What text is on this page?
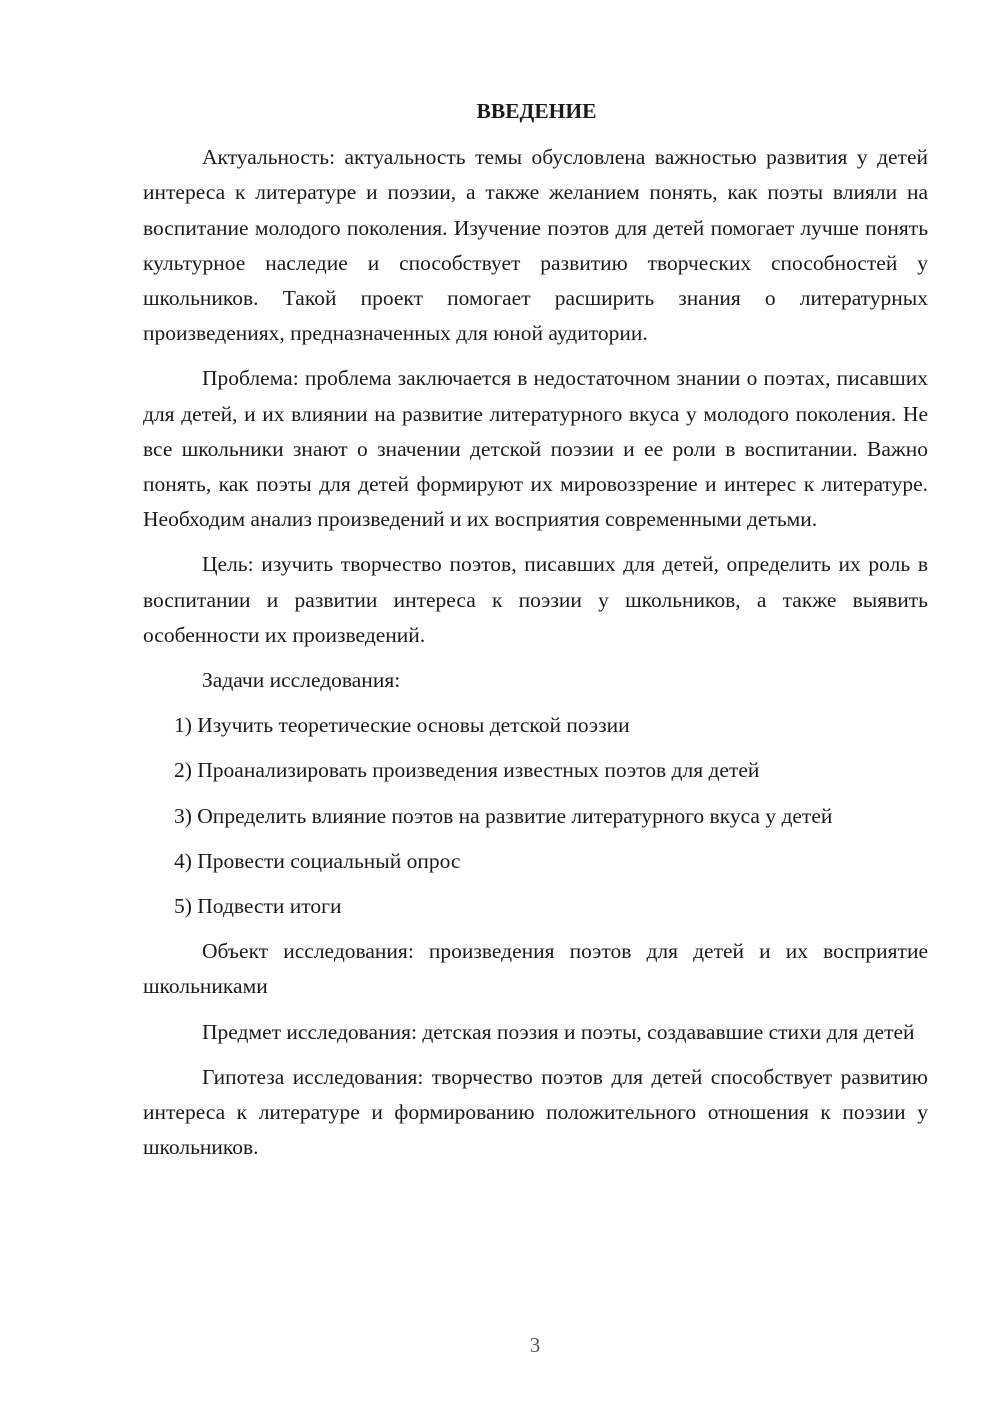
ВВЕДЕНИЕ

Актуальность: актуальность темы обусловлена важностью развития у детей интереса к литературе и поэзии, а также желанием понять, как поэты влияли на воспитание молодого поколения. Изучение поэтов для детей помогает лучше понять культурное наследие и способствует развитию творческих способностей у школьников. Такой проект помогает расширить знания о литературных произведениях, предназначенных для юной аудитории.

Проблема: проблема заключается в недостаточном знании о поэтах, писавших для детей, и их влиянии на развитие литературного вкуса у молодого поколения. Не все школьники знают о значении детской поэзии и ее роли в воспитании. Важно понять, как поэты для детей формируют их мировоззрение и интерес к литературе. Необходим анализ произведений и их восприятия современными детьми.

Цель: изучить творчество поэтов, писавших для детей, определить их роль в воспитании и развитии интереса к поэзии у школьников, а также выявить особенности их произведений.

Задачи исследования:

1) Изучить теоретические основы детской поэзии

2) Проанализировать произведения известных поэтов для детей

3) Определить влияние поэтов на развитие литературного вкуса у детей

4) Провести социальный опрос

5) Подвести итоги

Объект исследования: произведения поэтов для детей и их восприятие школьниками

Предмет исследования: детская поэзия и поэты, создававшие стихи для детей

Гипотеза исследования: творчество поэтов для детей способствует развитию интереса к литературе и формированию положительного отношения к поэзии у школьников.

3
